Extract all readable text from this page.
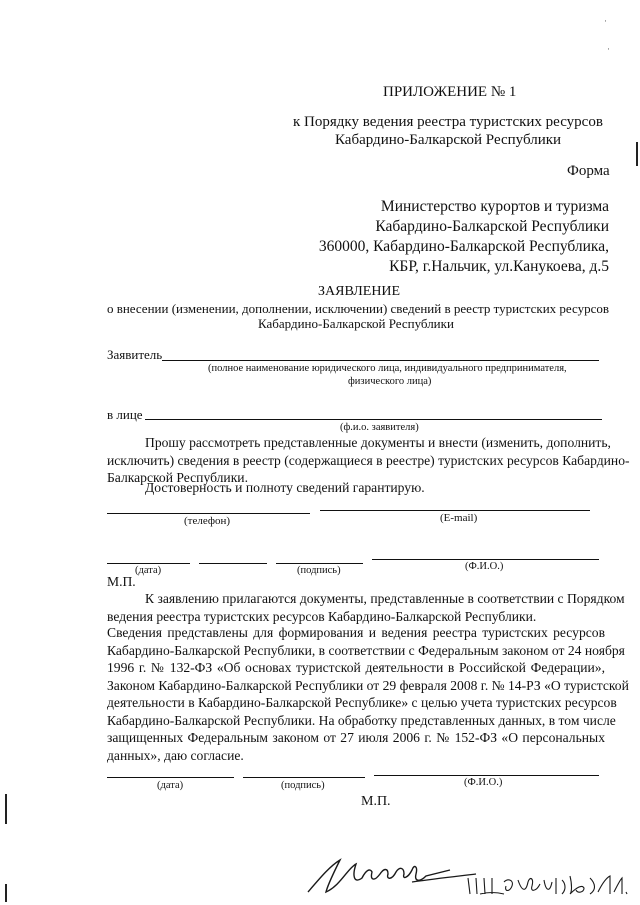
ПРИЛОЖЕНИЕ № 1
к Порядку ведения реестра туристских ресурсов
Кабардино-Балкарской Республики
Форма
Министерство курортов и туризма
Кабардино-Балкарской Республики
360000, Кабардино-Балкарской Республика,
КБР, г.Нальчик, ул.Канукоева, д.5
ЗАЯВЛЕНИЕ
о внесении (изменении, дополнении, исключении) сведений в реестр туристских ресурсов
Кабардино-Балкарской Республики
Заявитель
(полное наименование юридического лица, индивидуального предпринимателя,
физического лица)
в лице
(ф.и.о. заявителя)
Прошу рассмотреть представленные документы и внести (изменить, дополнить,
исключить) сведения в реестр (содержащиеся в реестре) туристских ресурсов Кабардино-
Балкарской Республики.
Достоверность и полноту сведений гарантирую.
(телефон)	(E-mail)
(дата)	(подпись)	(Ф.И.О.)
М.П.
К заявлению прилагаются документы, представленные в соответствии с Порядком
ведения реестра туристских ресурсов Кабардино-Балкарской Республики.
Сведения представлены для формирования и ведения реестра туристских ресурсов
Кабардино-Балкарской Республики, в соответствии с Федеральным законом от 24 ноября
1996 г. № 132-ФЗ «Об основах туристской деятельности в Российской Федерации»,
Законом Кабардино-Балкарской Республики от 29 февраля 2008 г. № 14-РЗ «О туристской
деятельности в Кабардино-Балкарской Республике» с целью учета туристских ресурсов
Кабардино-Балкарской Республики. На обработку представленных данных, в том числе
защищенных Федеральным законом от 27 июля 2006 г. № 152-ФЗ «О персональных
данных», даю согласие.
(дата)	(подпись)	(Ф.И.О.)
М.П.
·
·
